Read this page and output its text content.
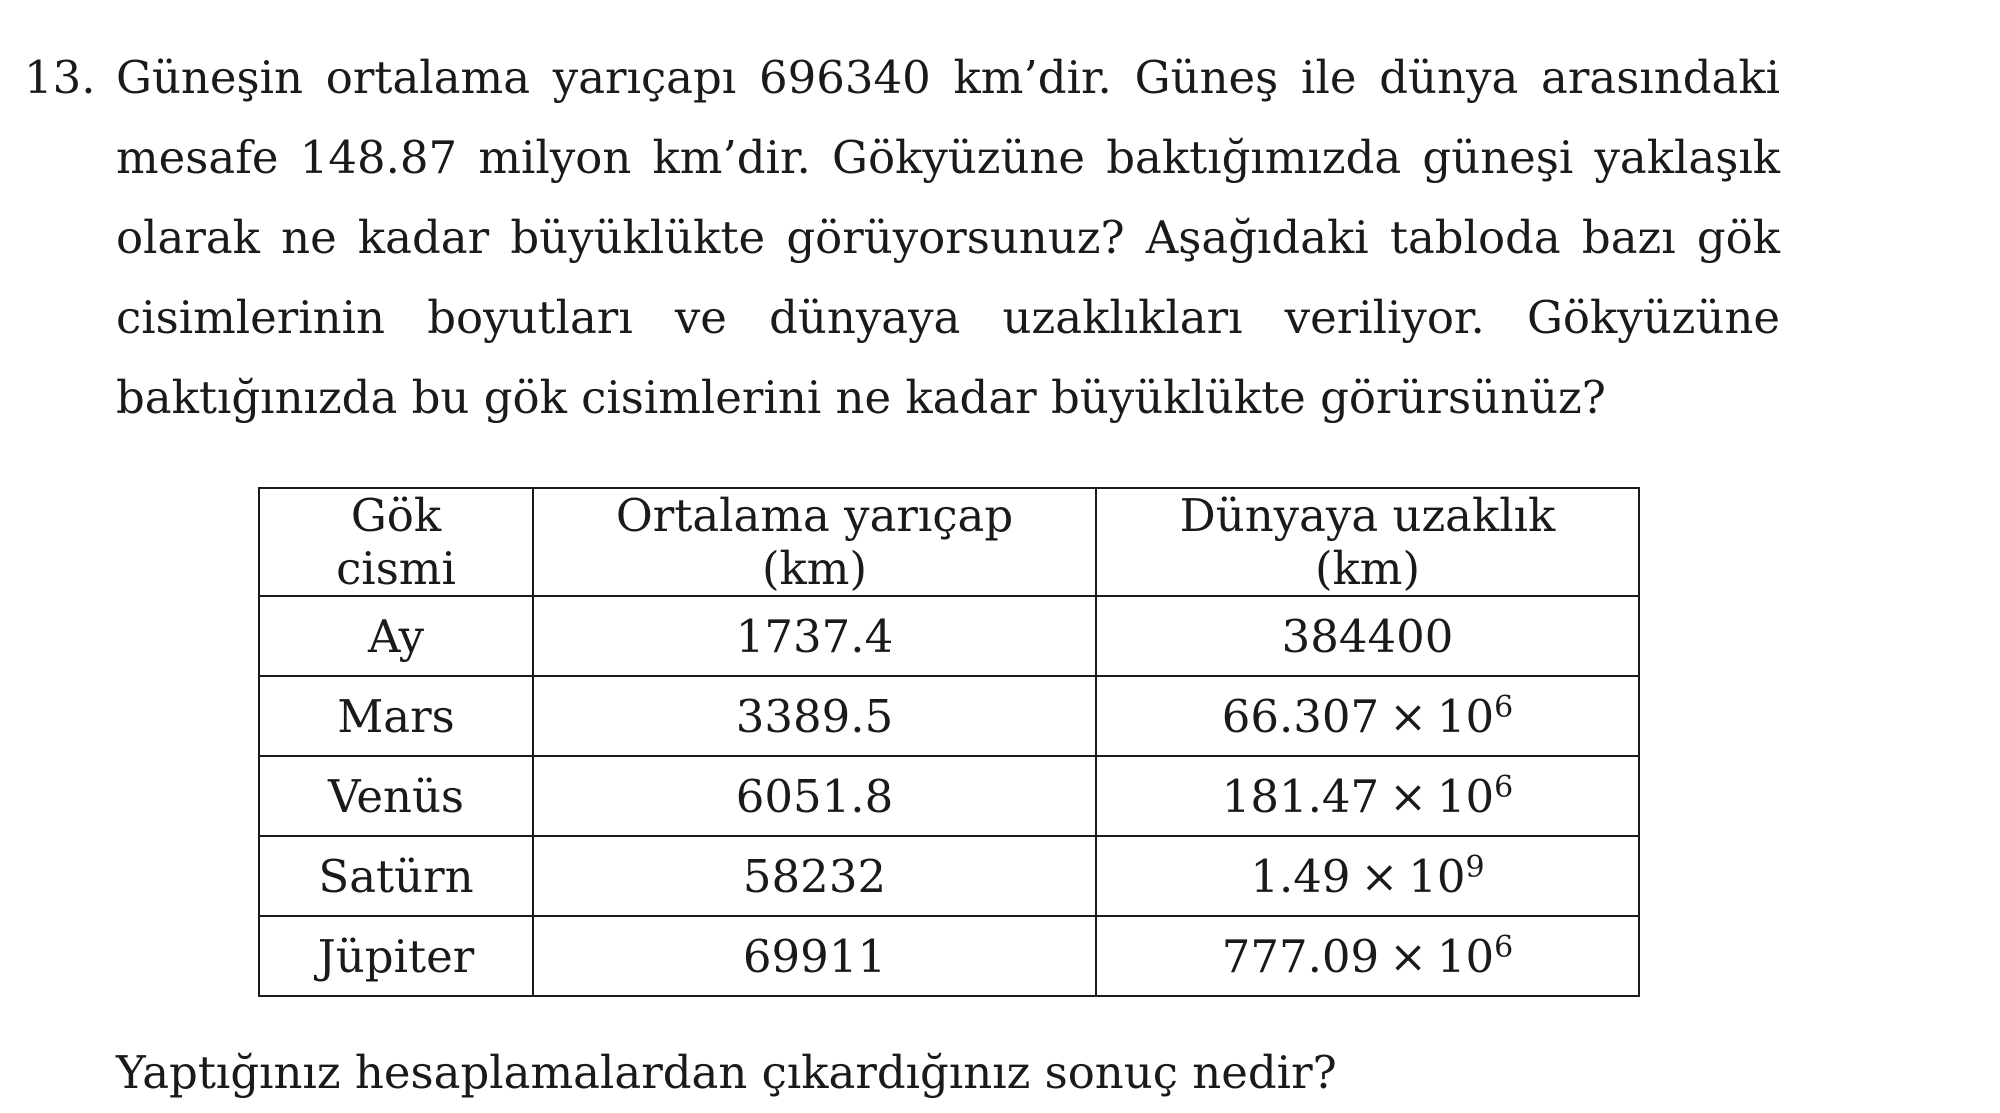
13. Güneşin ortalama yarıçapı 696340 km’dir. Güneş ile dünya arasındaki mesafe 148.87 milyon km’dir. Gökyüzüne baktığımızda güneşi yaklaşık olarak ne kadar büyüklükte görüyorsunuz? Aşağıdaki tabloda bazı gök cisimlerinin boyutları ve dünyaya uzaklıkları veriliyor. Gökyüzüne baktığınızda bu gök cisimlerini ne kadar büyüklükte görürsünüz?
Gök cismi	Ortalama yarıçap (km)	Dünyaya uzaklık (km)
Ay	1737.4	384400
Mars	3389.5	$66.307 \times 10^6$
Venüs	6051.8	$181.47 \times 10^6$
Satürn	58232	$1.49 \times 10^9$
Jüpiter	69911	$777.09 \times 10^6$
Yaptığınız hesaplamalardan çıkardığınız sonuç nedir?
